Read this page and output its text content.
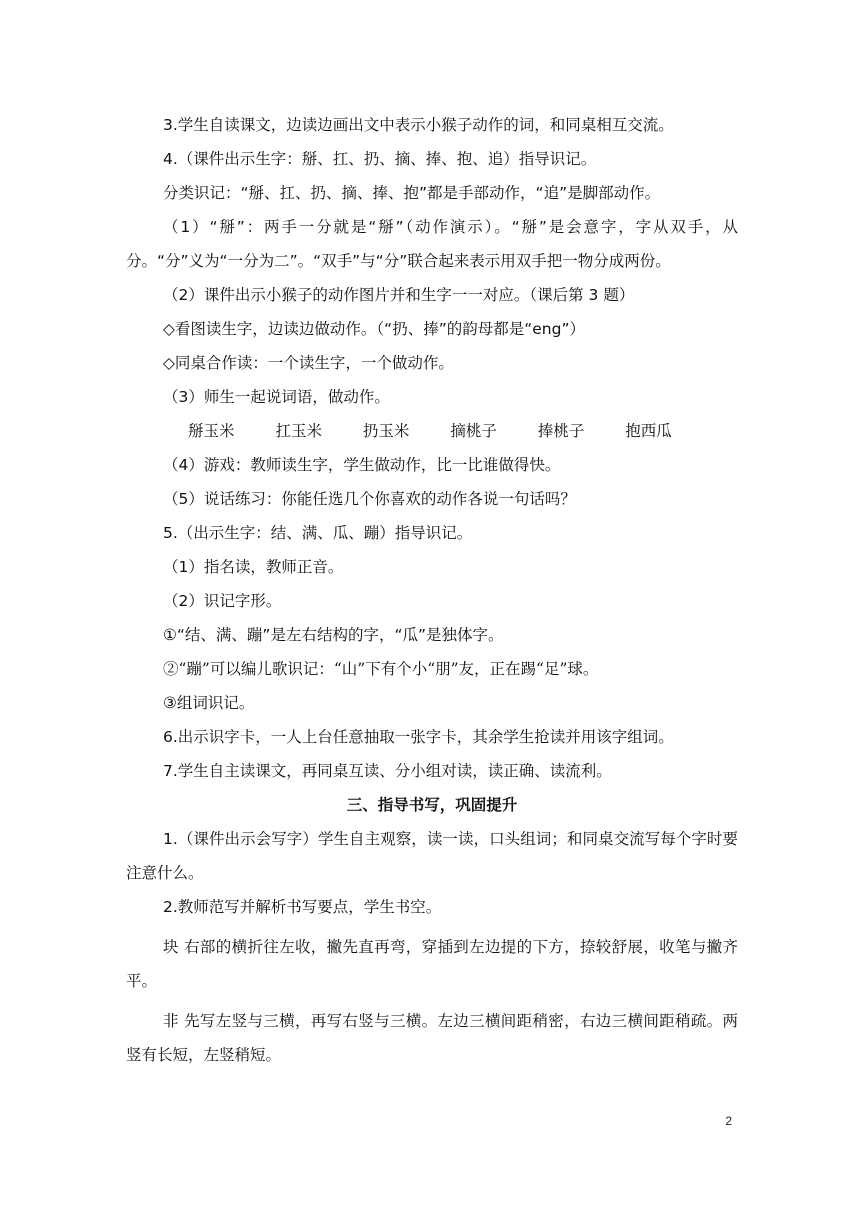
3.学生自读课文，边读边画出文中表示小猴子动作的词，和同桌相互交流。
4.（课件出示生字：掰、扛、扔、摘、捧、抱、追）指导识记。
分类识记：“掰、扛、扔、摘、捧、抱”都是手部动作，“追”是脚部动作。
（1）“掰”：两手一分就是“掰”（动作演示）。“掰”是会意字，字从双手，从分。“分”义为“一分为二”。“双手”与“分”联合起来表示用双手把一物分成两份。
（2）课件出示小猴子的动作图片并和生字一一对应。（课后第 3 题）
◇看图读生字，边读边做动作。（“扔、捧”的韵母都是“eng”）
◇同桌合作读：一个读生字，一个做动作。
（3）师生一起说词语，做动作。
掰玉米	扛玉米	扔玉米	摘桃子	捧桃子	抱西瓜
（4）游戏：教师读生字，学生做动作，比一比谁做得快。
（5）说话练习：你能任选几个你喜欢的动作各说一句话吗？
5.（出示生字：结、满、瓜、蹦）指导识记。
（1）指名读，教师正音。
（2）识记字形。
①“结、满、蹦”是左右结构的字，“瓜”是独体字。
②“蹦”可以编儿歌识记：“山”下有个小“朋”友，正在踢“足”球。
③组词识记。
6.出示识字卡，一人上台任意抽取一张字卡，其余学生抢读并用该字组词。
7.学生自主读课文，再同桌互读、分小组对读，读正确、读流利。
三、指导书写，巩固提升
1.（课件出示会写字）学生自主观察，读一读，口头组词；和同桌交流写每个字时要注意什么。
2.教师范写并解析书写要点，学生书空。
块 右部的横折往左收，撇先直再弯，穿插到左边提的下方，捺较舒展，收笔与撇齐平。
非 先写左竖与三横，再写右竖与三横。左边三横间距稍密，右边三横间距稍疏。两竖有长短，左竖稍短。
2
